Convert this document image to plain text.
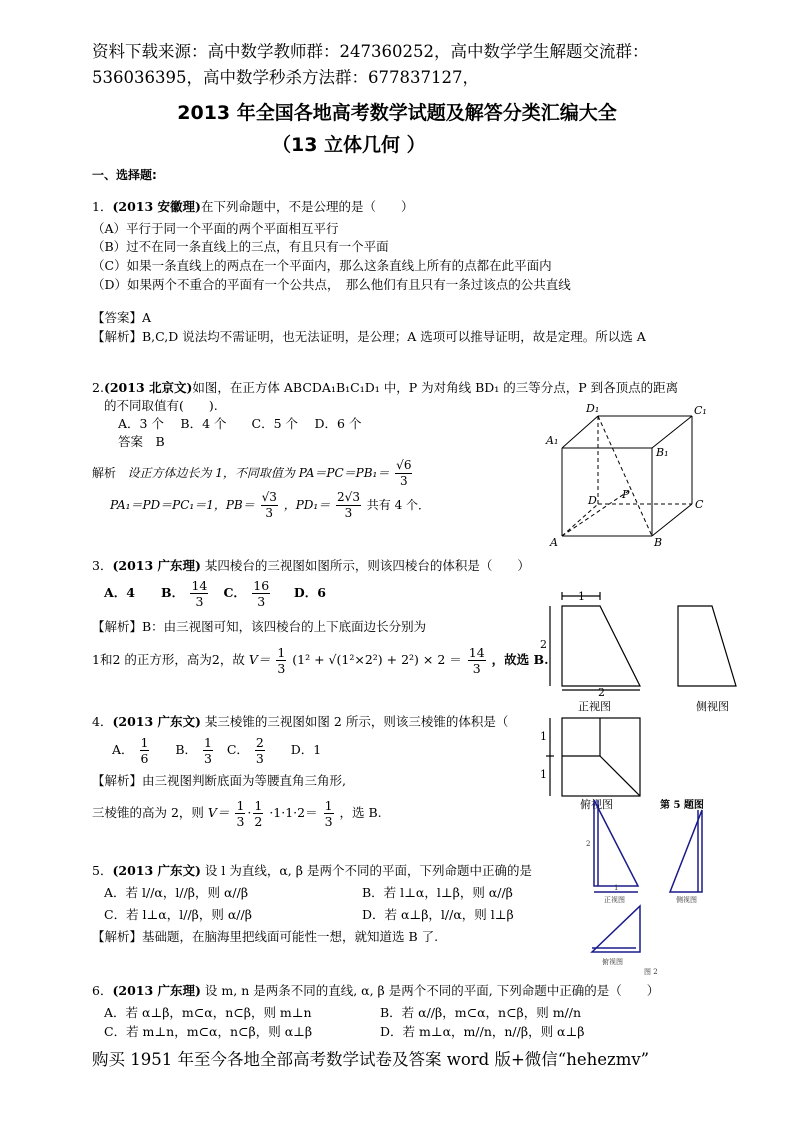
资料下载来源：高中数学教师群：247360252，高中数学学生解题交流群：
536036395，高中数学秒杀方法群：677837127，
2013 年全国各地高考数学试题及解答分类汇编大全
（13 立体几何 ）
一、选择题:
1．(2013 安徽理)在下列命题中，不是公理的是（　　）
（A）平行于同一个平面的两个平面相互平行
（B）过不在同一条直线上的三点，有且只有一个平面
（C）如果一条直线上的两点在一个平面内，那么这条直线上所有的点都在此平面内
（D）如果两个不重合的平面有一个公共点，　那么他们有且只有一条过该点的公共直线
【答案】A
【解析】B,C,D 说法均不需证明，也无法证明，是公理；A 选项可以推导证明，故是定理。所以选 A
2.(2013 北京文)如图，在正方体 ABCDA₁B₁C₁D₁ 中，P 为对角线 BD₁ 的三等分点，P 到各顶点的距离
的不同取值有(　　).
A．3 个　 B．4 个　　C．5 个　 D．6 个
答案　B
解析 设正方体边长为 1，不同取值为 $PA=PC=PB_1= \frac{√6}{3}$
PA₁＝PD＝PC₁＝1，$PB= \frac{√3}{3}$ ，$PD_1= \frac{2√3}{3}$ 共有 4 个．
D₁	C₁
A₁
B₁
D P
C
A	B
3．(2013 广东理) 某四棱台的三视图如图所示，则该四棱台的体积是（　　）
A．4 B． $\frac{14}{3}$ C． $\frac{16}{3}$ D．6
【解析】B：由三视图可知，该四棱台的上下底面边长分别为
1和2 的正方形，高为2，故 $V= \frac{1}{3} (1^2 + √(1^2\times 2^2) + 2^2) \times 2 = \frac{14}{3}$ ，故选 B.
1
2
2
正视图	侧视图
1
1
俯视图
4．(2013 广东文) 某三棱锥的三视图如图 2 所示，则该三棱锥的体积是（
A． $\frac{1}{6}$ B． $\frac{1}{3}$ C． $\frac{2}{3}$ D．1
【解析】由三视图判断底面为等腰直角三角形,
三棱锥的高为 2，则 $V= \frac{1}{3} \cdot \frac{1}{2} \cdot 1\cdot 1\cdot 2= \frac{1}{3}$ ，选 B.
2
1
正视图	侧视图
俯视图
图 2
第 5 题图
5．(2013 广东文) 设 l 为直线，α, β 是两个不同的平面，下列命题中正确的是
A．若 l//α，l//β，则 α//β	B．若 l⊥α，l⊥β，则 α//β
C．若 l⊥α，l//β，则 α//β	D．若 α⊥β，l//α，则 l⊥β
【解析】基础题，在脑海里把线面可能性一想，就知道选 B 了.
6．(2013 广东理) 设 m, n 是两条不同的直线, α, β 是两个不同的平面, 下列命题中正确的是（　　）
A．若 α⊥β，m⊂α，n⊂β，则 m⊥n	B．若 α//β，m⊂α，n⊂β，则 m//n
C．若 m⊥n，m⊂α，n⊂β，则 α⊥β	D．若 m⊥α，m//n，n//β，则 α⊥β
购买 1951 年至今各地全部高考数学试卷及答案 word 版+微信“hehezmv”
